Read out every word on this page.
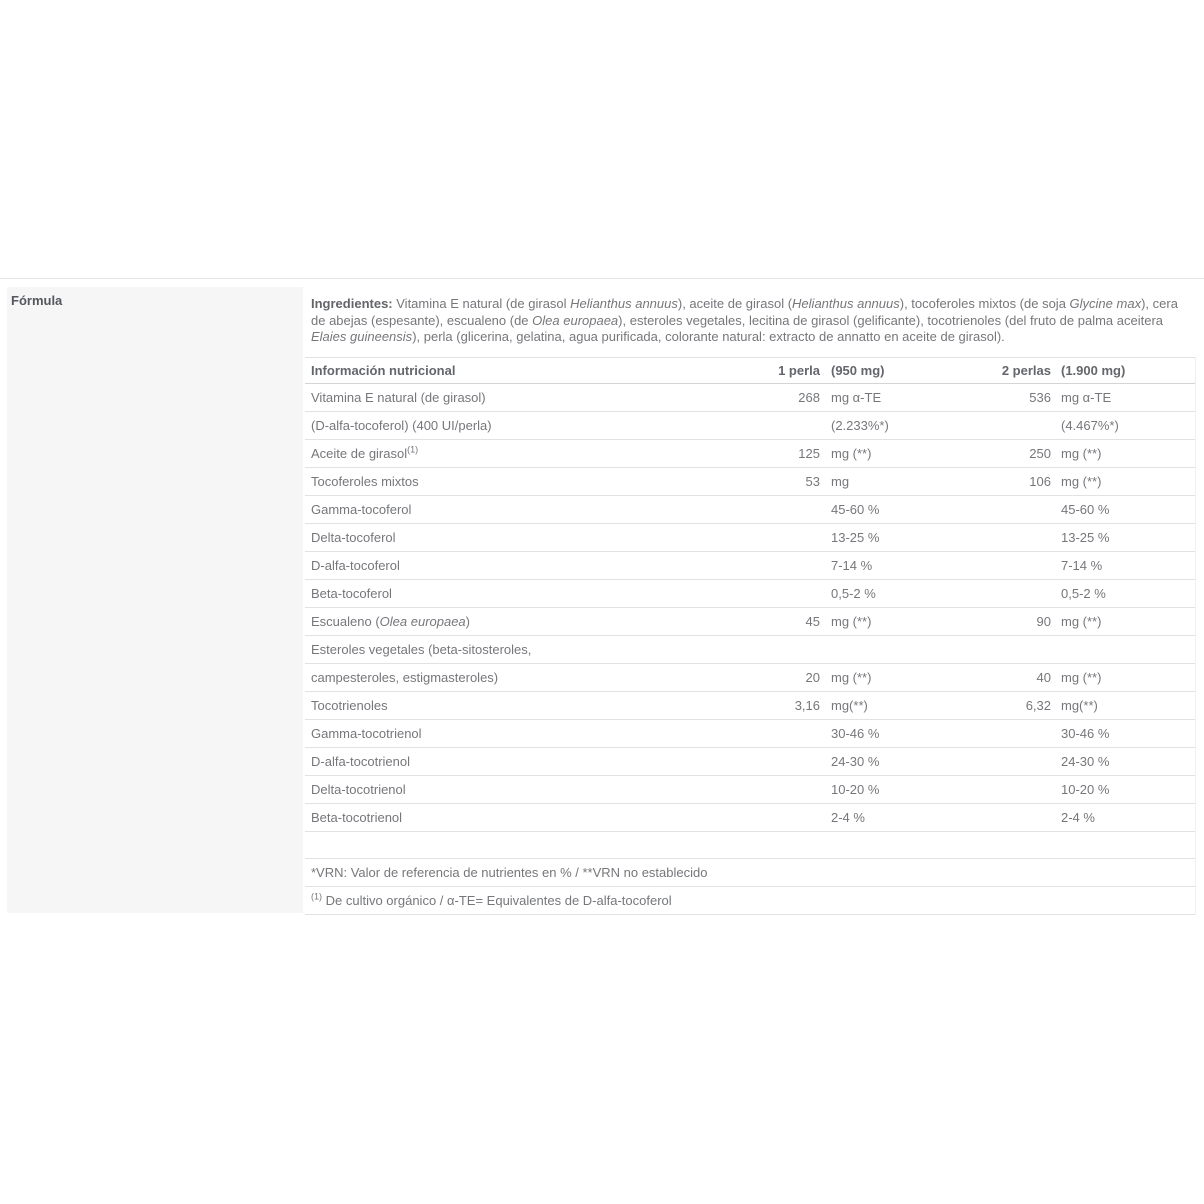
Fórmula	Ingredientes: Vitamina E natural (de girasol Helianthus annuus), aceite de girasol (Helianthus annuus), tocoferoles mixtos (de soja Glycine max), cera de abejas (espesante), escualeno (de Olea europaea), esteroles vegetales, lecitina de girasol (gelificante), tocotrienoles (del fruto de palma aceitera Elaies guineensis), perla (glicerina, gelatina, agua purificada, colorante natural: extracto de annatto en aceite de girasol).

Información nutricional	1 perla (950 mg)	2 perlas (1.900 mg)
Vitamina E natural (de girasol)	268 mg α-TE	536 mg α-TE
(D-alfa-tocoferol) (400 UI/perla)	(2.233%*)	(4.467%*)
Aceite de girasol$^{(1)}$	125 mg (**)	250 mg (**)
Tocoferoles mixtos	53 mg	106 mg (**)
Gamma-tocoferol	45-60 %	45-60 %
Delta-tocoferol	13-25 %	13-25 %
D-alfa-tocoferol	7-14 %	7-14 %
Beta-tocoferol	0,5-2 %	0,5-2 %
Escualeno (Olea europaea)	45 mg (**)	90 mg (**)
Esteroles vegetales (beta-sitosteroles,
campesteroles, estigmasteroles)	20 mg (**)	40 mg (**)
Tocotrienoles	3,16 mg(**)	6,32 mg(**)
Gamma-tocotrienol	30-46 %	30-46 %
D-alfa-tocotrienol	24-30 %	24-30 %
Delta-tocotrienol	10-20 %	10-20 %
Beta-tocotrienol	2-4 %	2-4 %
*VRN: Valor de referencia de nutrientes en % / **VRN no establecido
$^{(1)}$ De cultivo orgánico / α-TE= Equivalentes de D-alfa-tocoferol
